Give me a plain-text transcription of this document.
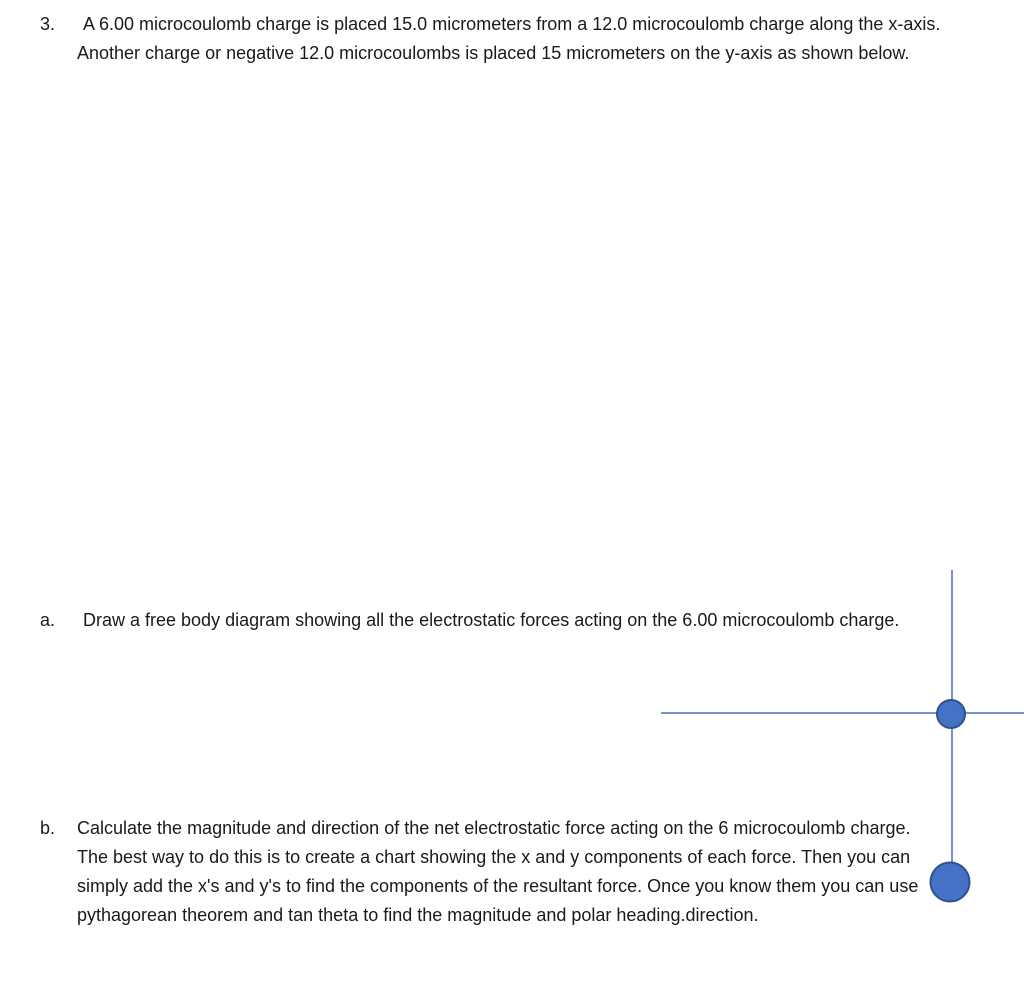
3.	A 6.00 microcoulomb charge is placed 15.0 micrometers from a 12.0 microcoulomb charge along the x-axis. Another charge or negative 12.0 microcoulombs is placed 15 micrometers on the y-axis as shown below.

a.	Draw a free body diagram showing all the electrostatic forces acting on the 6.00 microcoulomb charge.

b. Calculate the magnitude and direction of the net electrostatic force acting on the 6 microcoulomb charge. The best way to do this is to create a chart showing the x and y components of each force. Then you can simply add the x's and y's to find the components of the resultant force. Once you know them you can use pythagorean theorem and tan theta to find the magnitude and polar heading.direction.
